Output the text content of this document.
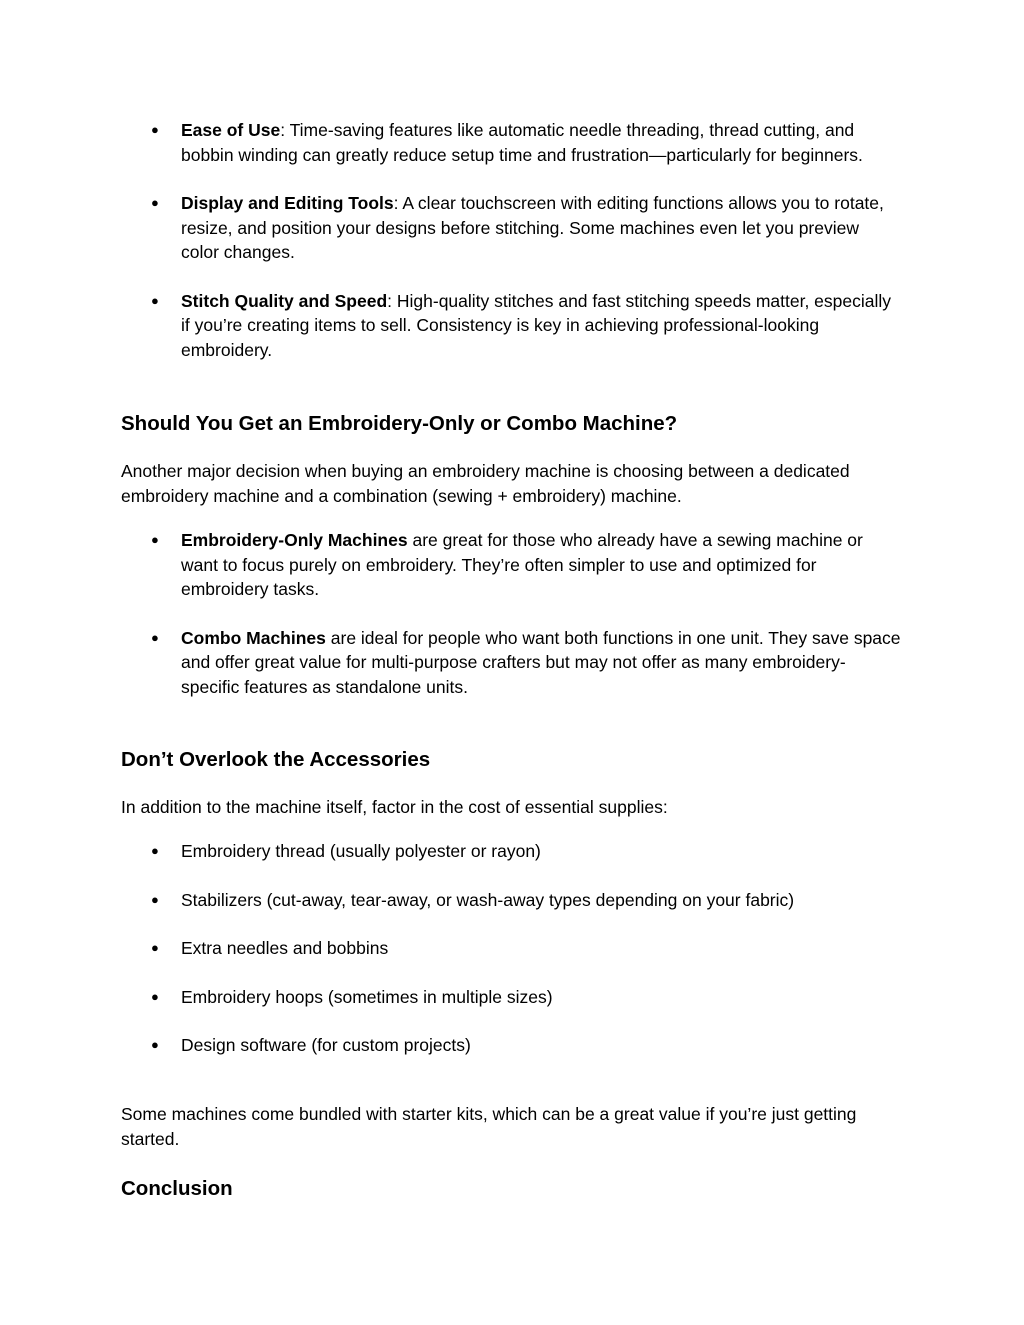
● Ease of Use: Time-saving features like automatic needle threading, thread cutting, and bobbin winding can greatly reduce setup time and frustration—particularly for beginners.
● Display and Editing Tools: A clear touchscreen with editing functions allows you to rotate, resize, and position your designs before stitching. Some machines even let you preview color changes.
● Stitch Quality and Speed: High-quality stitches and fast stitching speeds matter, especially if you’re creating items to sell. Consistency is key in achieving professional-looking embroidery.
Should You Get an Embroidery-Only or Combo Machine?

Another major decision when buying an embroidery machine is choosing between a dedicated embroidery machine and a combination (sewing + embroidery) machine.

● Embroidery-Only Machines are great for those who already have a sewing machine or want to focus purely on embroidery. They’re often simpler to use and optimized for embroidery tasks.
● Combo Machines are ideal for people who want both functions in one unit. They save space and offer great value for multi-purpose crafters but may not offer as many embroidery-specific features as standalone units.
Don’t Overlook the Accessories

In addition to the machine itself, factor in the cost of essential supplies:

● Embroidery thread (usually polyester or rayon)
● Stabilizers (cut-away, tear-away, or wash-away types depending on your fabric)
● Extra needles and bobbins
● Embroidery hoops (sometimes in multiple sizes)
● Design software (for custom projects)

Some machines come bundled with starter kits, which can be a great value if you’re just getting started.

Conclusion
